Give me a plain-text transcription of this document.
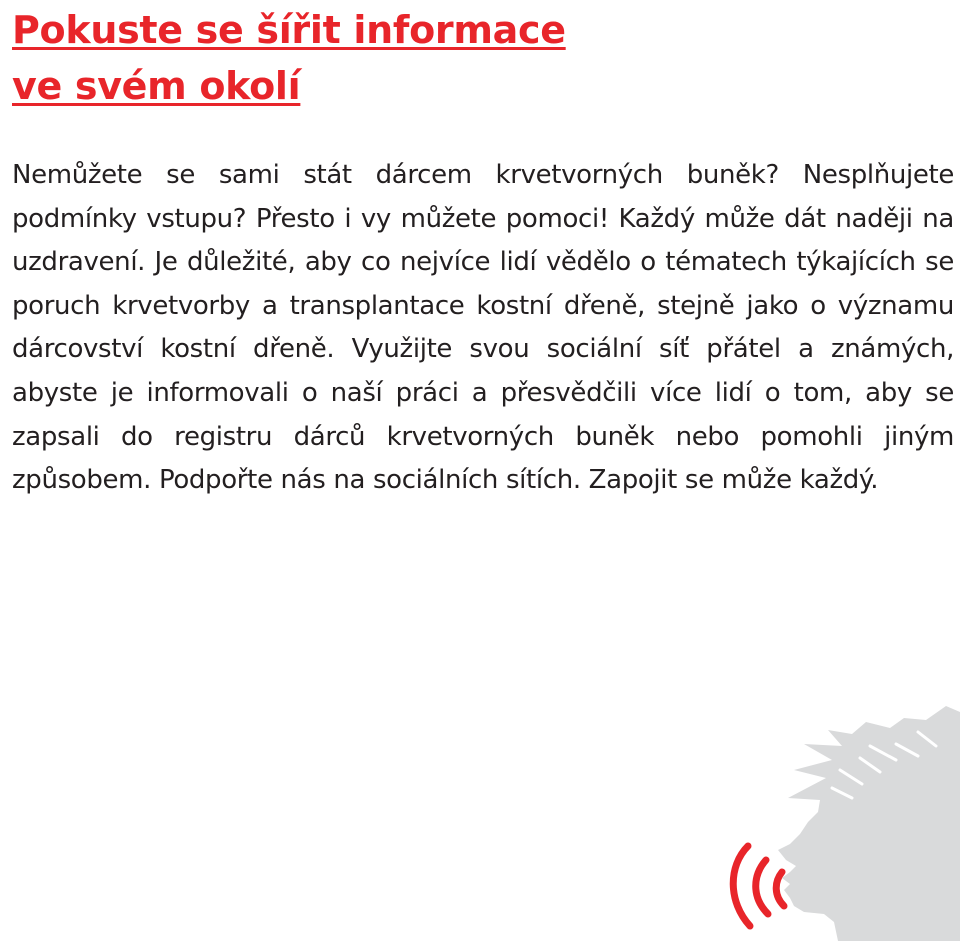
Pokuste se šířit informace
ve svém okolí

Nemůžete se sami stát dárcem krvetvorných buněk? Nesplňujete podmínky vstupu? Přesto i vy můžete pomoci! Každý může dát naději na uzdravení. Je důležité, aby co nejvíce lidí vědělo o tématech týkajících se poruch krvetvorby a transplantace kostní dřeně, stejně jako o významu dárcovství kostní dřeně. Využijte svou sociální síť přátel a známých, abyste je informovali o naší práci a přesvědčili více lidí o tom, aby se zapsali do registru dárců krvetvorných buněk nebo pomohli jiným způsobem. Podpořte nás na sociálních sítích. Zapojit se může každý.
